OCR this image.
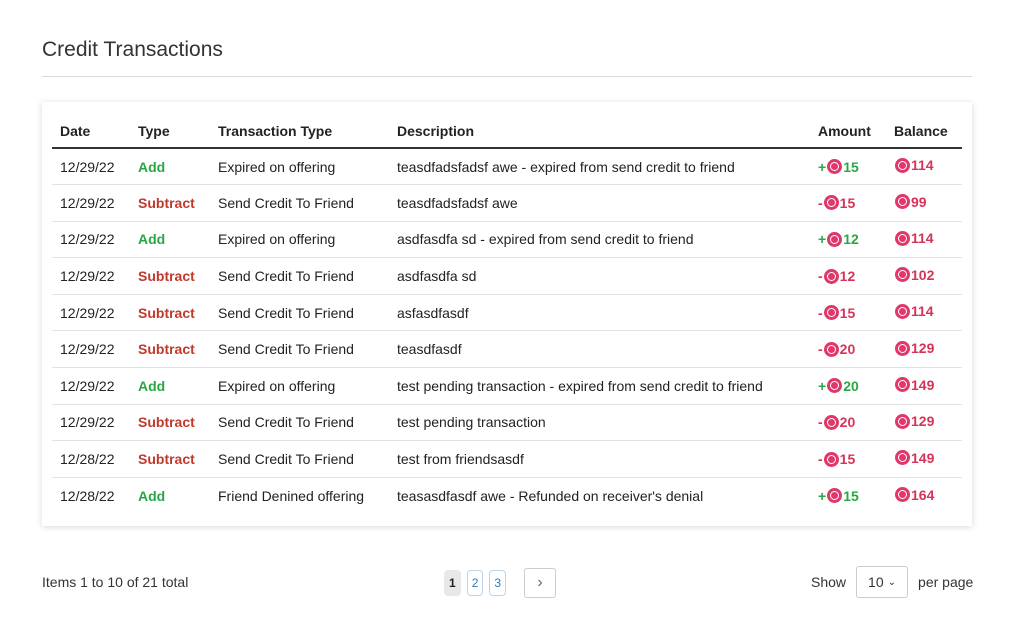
Credit Transactions
Date	Type	Transaction Type	Description	Amount	Balance
12/29/22	Add	Expired on offering	teasdfadsfadsf awe - expired from send credit to friend	+ 15	114

12/29/22	Subtract	Send Credit To Friend	teasdfadsfadsf awe	- 15	99

12/29/22	Add	Expired on offering	asdfasdfa sd - expired from send credit to friend	+ 12	114

12/29/22	Subtract	Send Credit To Friend	asdfasdfa sd	- 12	102

12/29/22	Subtract	Send Credit To Friend	asfasdfasdf	- 15	114

12/29/22	Subtract	Send Credit To Friend	teasdfasdf	- 20	129

12/29/22	Add	Expired on offering	test pending transaction - expired from send credit to friend	+ 20	149

12/29/22	Subtract	Send Credit To Friend	test pending transaction	- 20	129

12/28/22	Subtract	Send Credit To Friend	test from friendsasdf	- 15	149

12/28/22	Add	Friend Denined offering	teasasdfasdf awe - Refunded on receiver's denial	+ 15	164
Items 1 to 10 of 21 total	1	2	3	›	Show 10 ⌄ per page
